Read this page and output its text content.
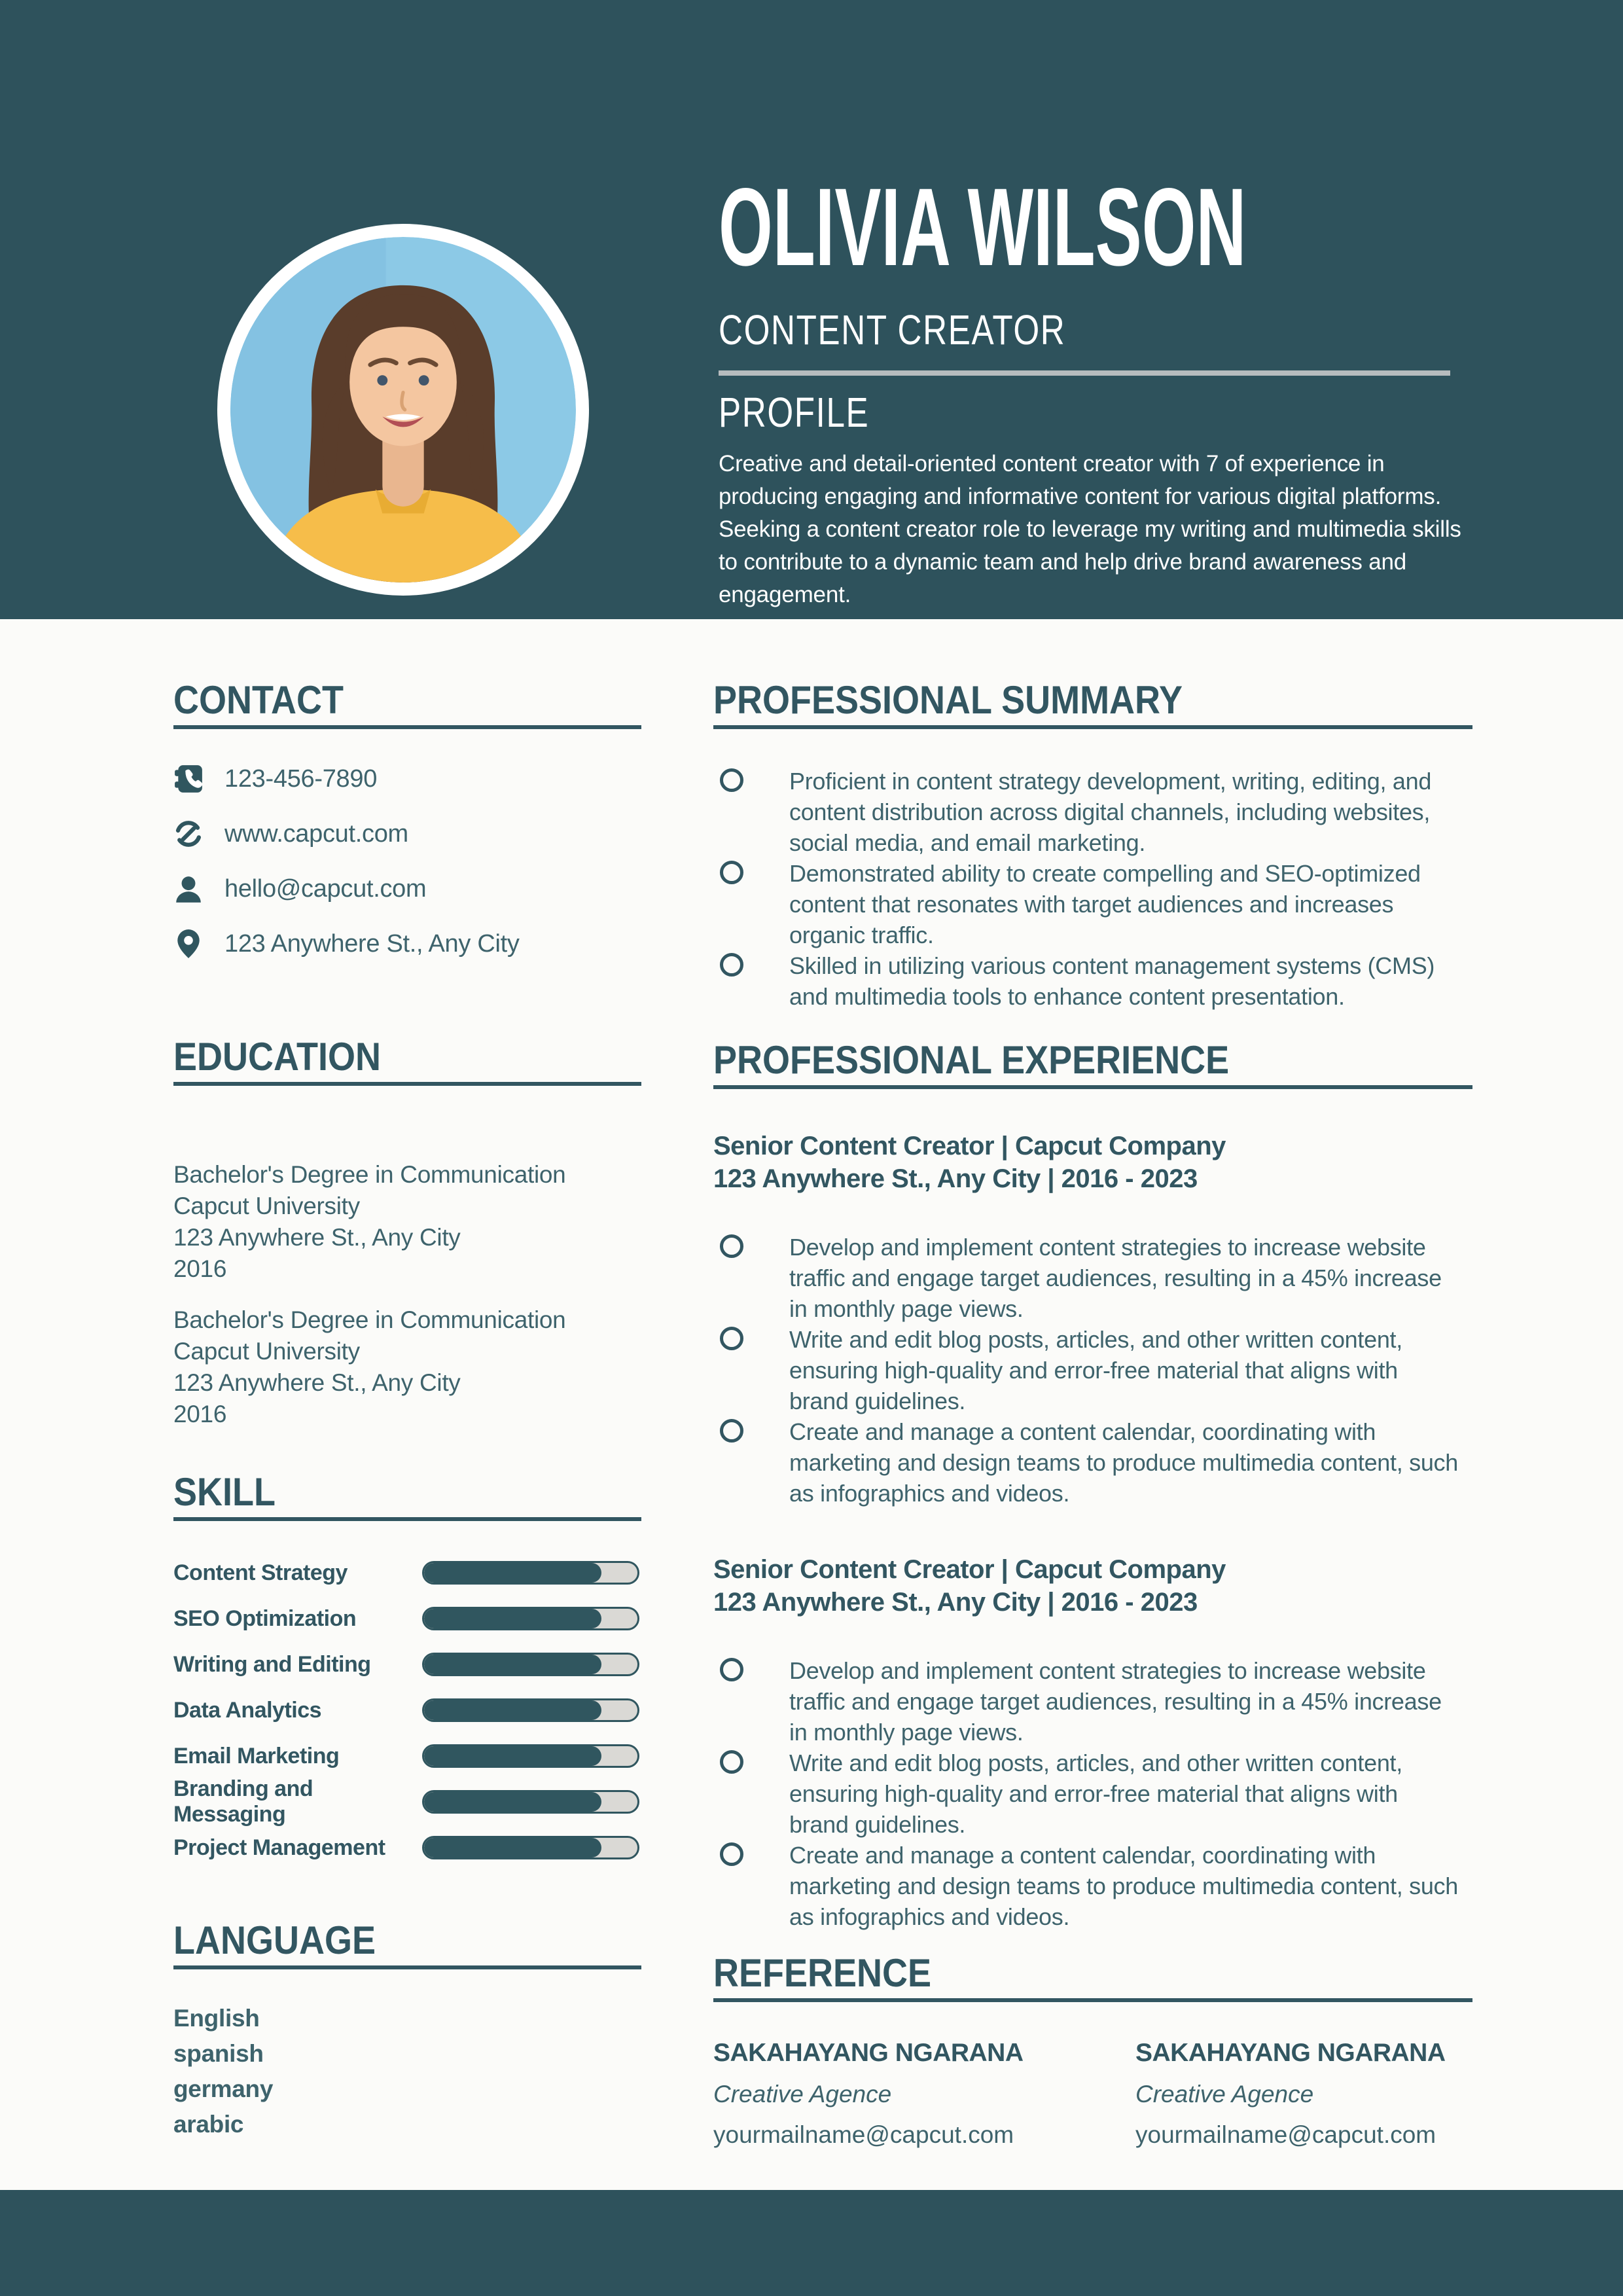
OLIVIA WILSON
CONTENT CREATOR
PROFILE

Creative and detail-oriented content creator with 7 of experience in producing engaging and informative content for various digital platforms. Seeking a content creator role to leverage my writing and multimedia skills to contribute to a dynamic team and help drive brand awareness and engagement.

CONTACT
123-456-7890
www.capcut.com
hello@capcut.com
123 Anywhere St., Any City
EDUCATION
Bachelor's Degree in Communication
Capcut University
123 Anywhere St., Any City
2016
Bachelor's Degree in Communication
Capcut University
123 Anywhere St., Any City
2016
SKILL
Content Strategy
SEO Optimization
Writing and Editing
Data Analytics
Email Marketing
Branding and Messaging
Project Management
LANGUAGE
English
spanish
germany
arabic
PROFESSIONAL SUMMARY

Proficient in content strategy development, writing, editing, and content distribution across digital channels, including websites, social media, and email marketing.

Demonstrated ability to create compelling and SEO-optimized content that resonates with target audiences and increases organic traffic.

Skilled in utilizing various content management systems (CMS) and multimedia tools to enhance content presentation.

PROFESSIONAL EXPERIENCE
Senior Content Creator | Capcut Company
123 Anywhere St., Any City | 2016 - 2023

Develop and implement content strategies to increase website traffic and engage target audiences, resulting in a 45% increase in monthly page views.

Write and edit blog posts, articles, and other written content, ensuring high-quality and error-free material that aligns with brand guidelines.

Create and manage a content calendar, coordinating with marketing and design teams to produce multimedia content, such as infographics and videos.

Senior Content Creator | Capcut Company
123 Anywhere St., Any City | 2016 - 2023

Develop and implement content strategies to increase website traffic and engage target audiences, resulting in a 45% increase in monthly page views.

Write and edit blog posts, articles, and other written content, ensuring high-quality and error-free material that aligns with brand guidelines.

Create and manage a content calendar, coordinating with marketing and design teams to produce multimedia content, such as infographics and videos.

REFERENCE
SAKAHAYANG NGARANA
Creative Agence
yourmailname@capcut.com
SAKAHAYANG NGARANA
Creative Agence
yourmailname@capcut.com
